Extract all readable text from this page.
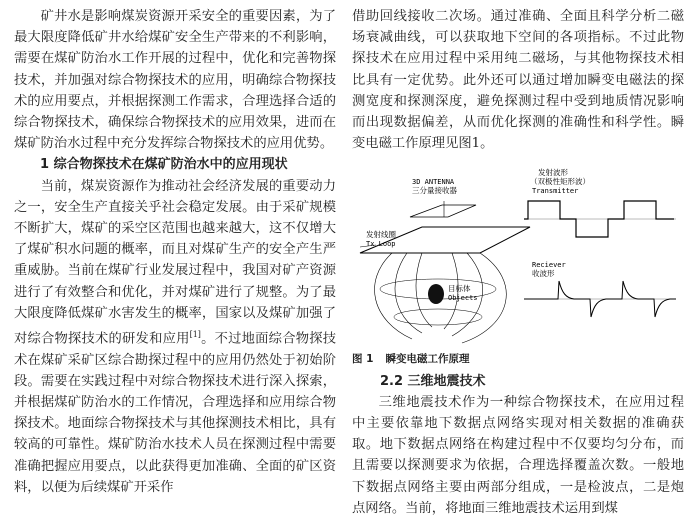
矿井水是影响煤炭资源开采安全的重要因素，为了最大限度降低矿井水给煤矿安全生产带来的不利影响，需要在煤矿防治水工作开展的过程中，优化和完善物探技术，并加强对综合物探技术的应用，明确综合物探技术的应用要点，并根据探测工作需求，合理选择合适的综合物探技术，确保综合物探技术的应用效果，进而在煤矿防治水过程中充分发挥综合物探技术的应用优势。

1 综合物探技术在煤矿防治水中的应用现状

当前，煤炭资源作为推动社会经济发展的重要动力之一，安全生产直接关乎社会稳定发展。由于采矿规模不断扩大，煤矿的采空区范围也越来越大，这不仅增大了煤矿积水问题的概率，而且对煤矿生产的安全产生严重威胁。当前在煤矿行业发展过程中，我国对矿产资源进行了有效整合和优化，并对煤矿进行了规整。为了最大限度降低煤矿水害发生的概率，国家以及煤矿加强了对综合物探技术的研发和应用[1]。不过地面综合物探技术在煤矿采矿区综合勘探过程中的应用仍然处于初始阶段。需要在实践过程中对综合物探技术进行深入探索，并根据煤矿防治水的工作情况，合理选择和应用综合物探技术。地面综合物探技术与其他探测技术相比，具有较高的可靠性。煤矿防治水技术人员在探测过程中需要准确把握应用要点，以此获得更加准确、全面的矿区资料，以便为后续煤矿开采作

借助回线接收二次场。通过准确、全面且科学分析二磁场衰减曲线，可以获取地下空间的各项指标。不过此物探技术在应用过程中采用纯二磁场，与其他物探技术相比具有一定优势。此外还可以通过增加瞬变电磁法的探测宽度和探测深度，避免探测过程中受到地质情况影响而出现数据偏差，从而优化探测的准确性和科学性。瞬变电磁工作原理见图1。

3D ANTENNA
三分量接收器
发射线圈
Tx Loop
目标体
Objects
发射波形
（双极性矩形波）
Transmitter
Reciever
收波形

图 1 瞬变电磁工作原理

2.2 三维地震技术

三维地震技术作为一种综合物探技术，在应用过程中主要依靠地下数据点网络实现对相关数据的准确获取。地下数据点网络在构建过程中不仅要均匀分布，而且需要以探测要求为依据，合理选择覆盖次数。一般地下数据点网络主要由两部分组成，一是检波点，二是炮点网络。当前，将地面三维地震技术运用到煤
